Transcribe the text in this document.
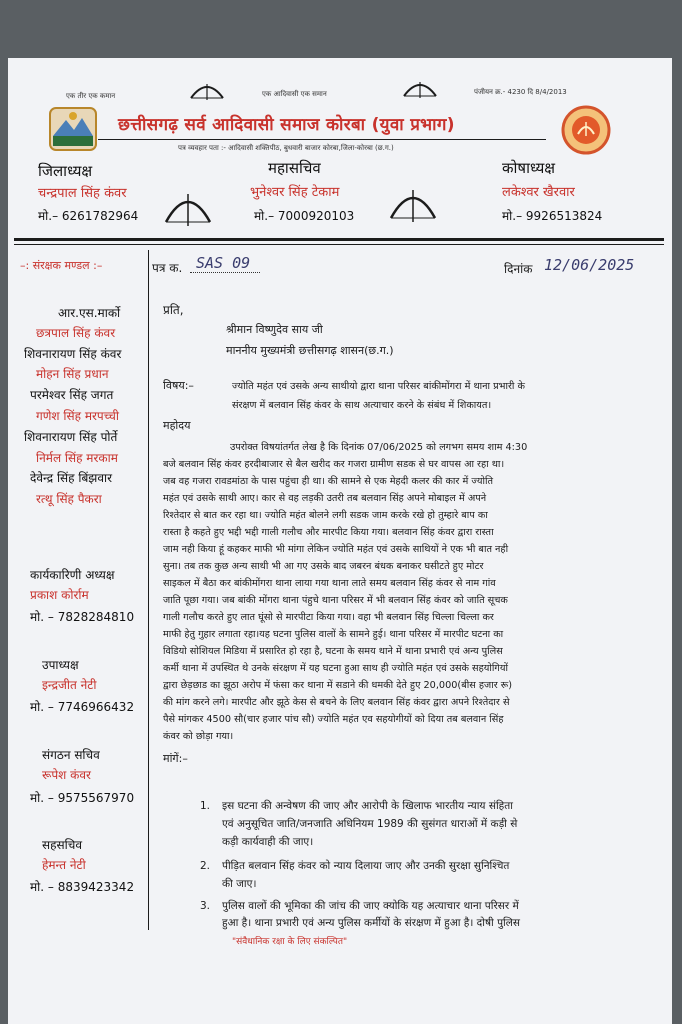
एक तीर एक कमान	एक आदिवासी एक समान	पंजीयन क्र.- 4230 दि 8/4/2013
छत्तीसगढ़ सर्व आदिवासी समाज कोरबा (युवा प्रभाग)
पत्र व्यवहार पता :- आदिवासी शक्तिपीठ, बुधवारी बाजार कोरबा,जिला-कोरबा (छ.ग.)
जिलाध्यक्ष
चन्द्रपाल सिंह कंवर
मो.– 6261782964
महासचिव
भुनेश्वर सिंह टेकाम
मो.– 7000920103
कोषाध्यक्ष
लकेश्वर खैरवार
मो.– 9926513824
–: संरक्षक मण्डल :–
आर.एस.मार्को
छत्रपाल सिंह कंवर
शिवनारायण सिंह कंवर
मोहन सिंह प्रधान
परमेश्वर सिंह जगत
गणेश सिंह मरपच्ची
शिवनारायण सिंह पोर्ते
निर्मल सिंह मरकाम
देवेन्द्र सिंह बिंझवार
रत्थू सिंह पैकरा
कार्यकारिणी अध्यक्ष
प्रकाश कोर्राम
मो. – 7828284810
उपाध्यक्ष
इन्द्रजीत नेटी
मो. – 7746966432
संगठन सचिव
रूपेश कंवर
मो. – 9575567970
सहसचिव
हेमन्त नेटी
मो. – 8839423342
पत्र क. SAS 09	दिनांक 12/06/2025
प्रति,
श्रीमान विष्णुदेव साय जी
माननीय मुख्यमंत्री छत्तीसगढ़ शासन(छ.ग.)
विषय:–	ज्योति महंत एवं उसके अन्य साथीयो द्वारा थाना परिसर बांकीमोंगरा में थाना प्रभारी के
संरक्षण में बलवान सिंह कंवर के साथ अत्याचार करने के संबंध में शिकायत।
महोदय
उपरोक्त विषयांतर्गत लेख है कि दिनांक 07/06/2025 को लगभग समय शाम 4:30
बजे बलवान सिंह कंवर हरदीबाजार से बैल खरीद कर गजरा ग्रामीण सडक से घर वापस आ रहा था।
जब वह गजरा रावडमांठा के पास पहुंचा ही था। की सामने से एक मेहदी कलर की कार में ज्योति
महंत एवं उसके साथी आए। कार से वह लड़की उतरी तब बलवान सिंह अपने मोबाइल में अपने
रिश्तेदार से बात कर रहा था। ज्योति महंत बोलने लगी सडक जाम करके रखे हो तुम्हारे बाप का
रास्ता है कहते हुए भद्दी भद्दी गाली गलौच और मारपीट किया गया। बलवान सिंह कंवर द्वारा रास्ता
जाम नही किया हूं कहकर माफी भी मांगा लेकिन ज्योति महंत एवं उसके साथियों ने एक भी बात नही
सुना। तब तक कुछ अन्य साथी भी आ गए उसके बाद जबरन बंधक बनाकर घसीटते हुए मोटर
साइकल में बैठा कर बांकीमोंगरा थाना लाया गया थाना लाते समय बलवान सिंह कंवर से नाम गांव
जाति पूछा गया। जब बांकी मोंगरा थाना पंहुचे थाना परिसर में भी बलवान सिंह कंवर को जाति सूचक
गाली गलौच करते हुए लात घूंसो से मारपीटा किया गया। वहा भी बलवान सिंह चिल्ला चिल्ला कर
माफी हेतु गुहार लगाता रहा।यह घटना पुलिस वालों के सामने हुई। थाना परिसर में मारपीट घटना का
विडियो सोशियल मिडिया में प्रसारित हो रहा है, घटना के समय थाने में थाना प्रभारी एवं अन्य पुलिस
कर्मी थाना में उपस्थित थे उनके संरक्षण में यह घटना हुआ साथ ही ज्योति महंत एवं उसके सहयोगियों
द्वारा छेड़छाड का झूठा अरोप में फंसा कर थाना में सडाने की धमकी देते हुए 20,000(बीस हजार रू)
की मांग करने लगे। मारपीट और झूठे केस से बचने के लिए बलवान सिंह कंवर द्वारा अपने रिश्तेदार से
पैसे मांगकर 4500 सौ(चार हजार पांच सौ) ज्योति महंत एव सहयोगीयों को दिया तब बलवान सिंह
कंवर को छोड़ा गया।
मांगें:–
1. इस घटना की अन्वेषण की जाए और आरोपी के खिलाफ भारतीय न्याय संहिता
एवं अनुसूचित जाति/जनजाति अधिनियम 1989 की सुसंगत धाराओं में कड़ी से
कड़ी कार्यवाही की जाए।
2. पीड़ित बलवान सिंह कंवर को न्याय दिलाया जाए और उनकी सुरक्षा सुनिश्चित
की जाए।
3. पुलिस वालों की भूमिका की जांच की जाए क्योकि यह अत्याचार थाना परिसर में
हुआ है। थाना प्रभारी एवं अन्य पुलिस कर्मीयों के संरक्षण में हुआ है। दोषी पुलिस
"संवैधानिक रक्षा के लिए संकल्पित"
